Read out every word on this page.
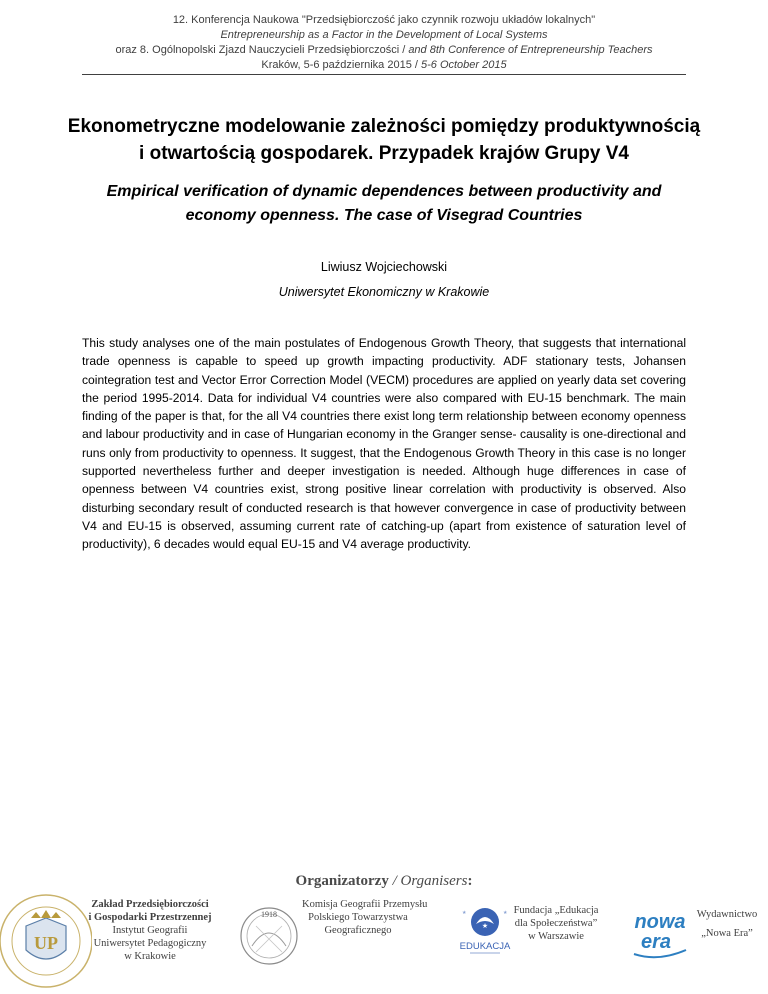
12. Konferencja Naukowa "Przedsiębiorczość jako czynnik rozwoju układów lokalnych"
Entrepreneurship as a Factor in the Development of Local Systems
oraz 8. Ogólnopolski Zjazd Nauczycieli Przedsiębiorczości / and 8th Conference of Entrepreneurship Teachers
Kraków, 5-6 października 2015 / 5-6 October 2015
Ekonometryczne modelowanie zależności pomiędzy produktywnością
i otwartością gospodarek. Przypadek krajów Grupy V4
Empirical verification of dynamic dependences between productivity and
economy openness. The case of Visegrad Countries
Liwiusz Wojciechowski
Uniwersytet Ekonomiczny w Krakowie
This study analyses one of the main postulates of Endogenous Growth Theory, that suggests that international trade openness is capable to speed up growth impacting productivity. ADF stationary tests, Johansen cointegration test and Vector Error Correction Model (VECM) procedures are applied on yearly data set covering the period 1995-2014. Data for individual V4 countries were also compared with EU-15 benchmark. The main finding of the paper is that, for the all V4 countries there exist long term relationship between economy openness and labour productivity and in case of Hungarian economy in the Granger sense- causality is one-directional and runs only from productivity to openness. It suggest, that the Endogenous Growth Theory in this case is no longer supported nevertheless further and deeper investigation is needed. Although huge differences in case of openness between V4 countries exist, strong positive linear correlation with productivity is observed. Also disturbing secondary result of conducted research is that however convergence in case of productivity between V4 and EU-15 is observed, assuming current rate of catching-up (apart from existence of saturation level of productivity), 6 decades would equal EU-15 and V4 average productivity.
Organizatorzy / Organisers:
UP
Zakład Przedsiębiorczości
i Gospodarki Przestrzennej
Instytut Geografii
Uniwersytet Pedagogiczny
w Krakowie
1918
Komisja Geografii Przemysłu
Polskiego Towarzystwa
Geograficznego	★
★	★
EDUKACJA
Fundacja „Edukacja
dla Społeczeństwa”
w Warszawie
nowa
era
Wydawnictwo
„Nowa Era”
